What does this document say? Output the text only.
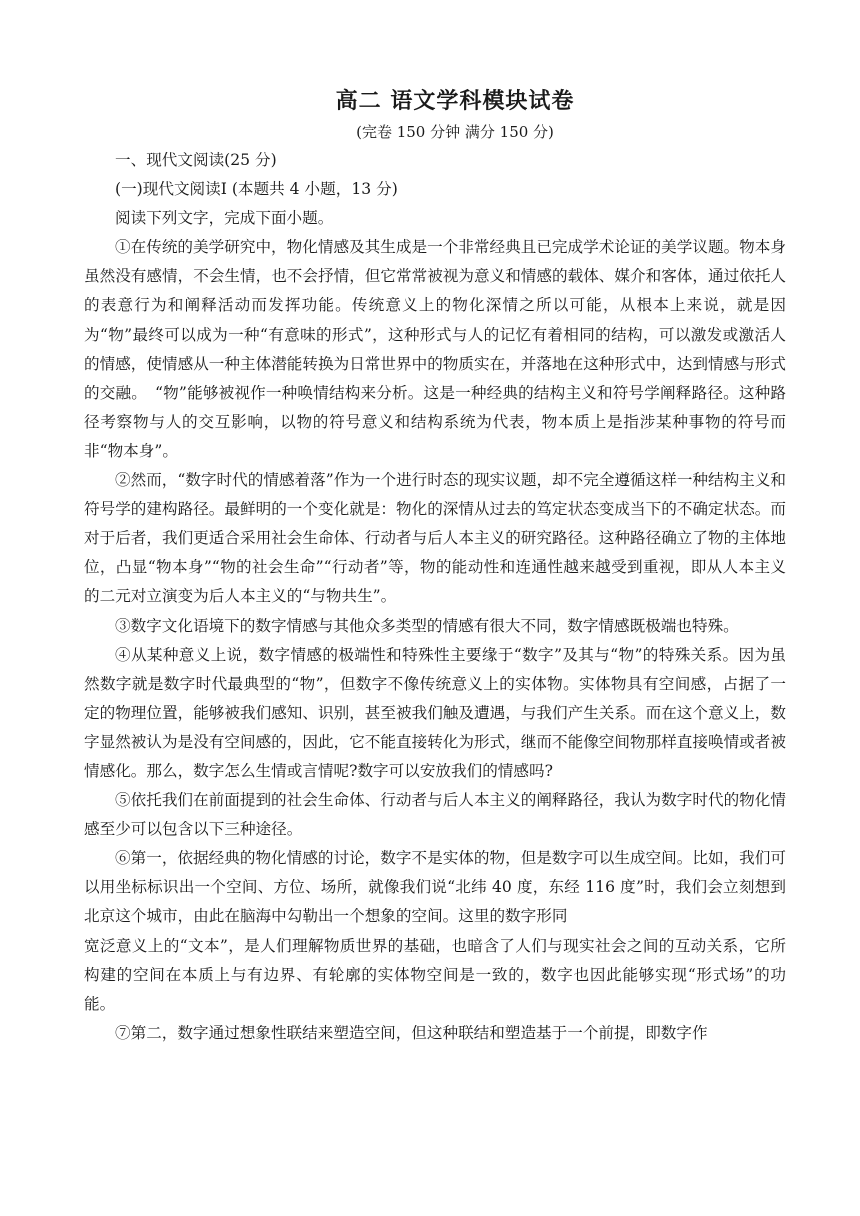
高二 语文学科模块试卷

(完卷 150 分钟 满分 150 分)

一、现代文阅读(25 分)

(一)现代文阅读Ⅰ (本题共 4 小题，13 分)

阅读下列文字，完成下面小题。

①在传统的美学研究中，物化情感及其生成是一个非常经典且已完成学术论证的美学议题。物本身虽然没有感情，不会生情，也不会抒情，但它常常被视为意义和情感的载体、媒介和客体，通过依托人的表意行为和阐释活动而发挥功能。传统意义上的物化深情之所以可能，从根本上来说，就是因为“物”最终可以成为一种“有意味的形式”，这种形式与人的记忆有着相同的结构，可以激发或激活人的情感，使情感从一种主体潜能转换为日常世界中的物质实在，并落地在这种形式中，达到情感与形式的交融。　“物”能够被视作一种唤情结构来分析。这是一种经典的结构主义和符号学阐释路径。这种路径考察物与人的交互影响，以物的符号意义和结构系统为代表，物本质上是指涉某种事物的符号而非“物本身”。

②然而，“数字时代的情感着落”作为一个进行时态的现实议题，却不完全遵循这样一种结构主义和符号学的建构路径。最鲜明的一个变化就是：物化的深情从过去的笃定状态变成当下的不确定状态。而对于后者，我们更适合采用社会生命体、行动者与后人本主义的研究路径。这种路径确立了物的主体地位，凸显“物本身”“物的社会生命”“行动者”等，物的能动性和连通性越来越受到重视，即从人本主义的二元对立演变为后人本主义的“与物共生”。

③数字文化语境下的数字情感与其他众多类型的情感有很大不同，数字情感既极端也特殊。

④从某种意义上说，数字情感的极端性和特殊性主要缘于“数字”及其与“物”的特殊关系。因为虽然数字就是数字时代最典型的“物”，但数字不像传统意义上的实体物。实体物具有空间感，占据了一定的物理位置，能够被我们感知、识别，甚至被我们触及遭遇，与我们产生关系。而在这个意义上，数字显然被认为是没有空间感的，因此，它不能直接转化为形式，继而不能像空间物那样直接唤情或者被情感化。那么，数字怎么生情或言情呢?数字可以安放我们的情感吗?

⑤依托我们在前面提到的社会生命体、行动者与后人本主义的阐释路径，我认为数字时代的物化情感至少可以包含以下三种途径。

⑥第一，依据经典的物化情感的讨论，数字不是实体的物，但是数字可以生成空间。比如，我们可以用坐标标识出一个空间、方位、场所，就像我们说“北纬 40 度，东经 116 度”时，我们会立刻想到北京这个城市，由此在脑海中勾勒出一个想象的空间。这里的数字形同

宽泛意义上的“文本”，是人们理解物质世界的基础，也暗含了人们与现实社会之间的互动关系，它所构建的空间在本质上与有边界、有轮廓的实体物空间是一致的，数字也因此能够实现“形式场”的功能。

⑦第二，数字通过想象性联结来塑造空间，但这种联结和塑造基于一个前提，即数字作
